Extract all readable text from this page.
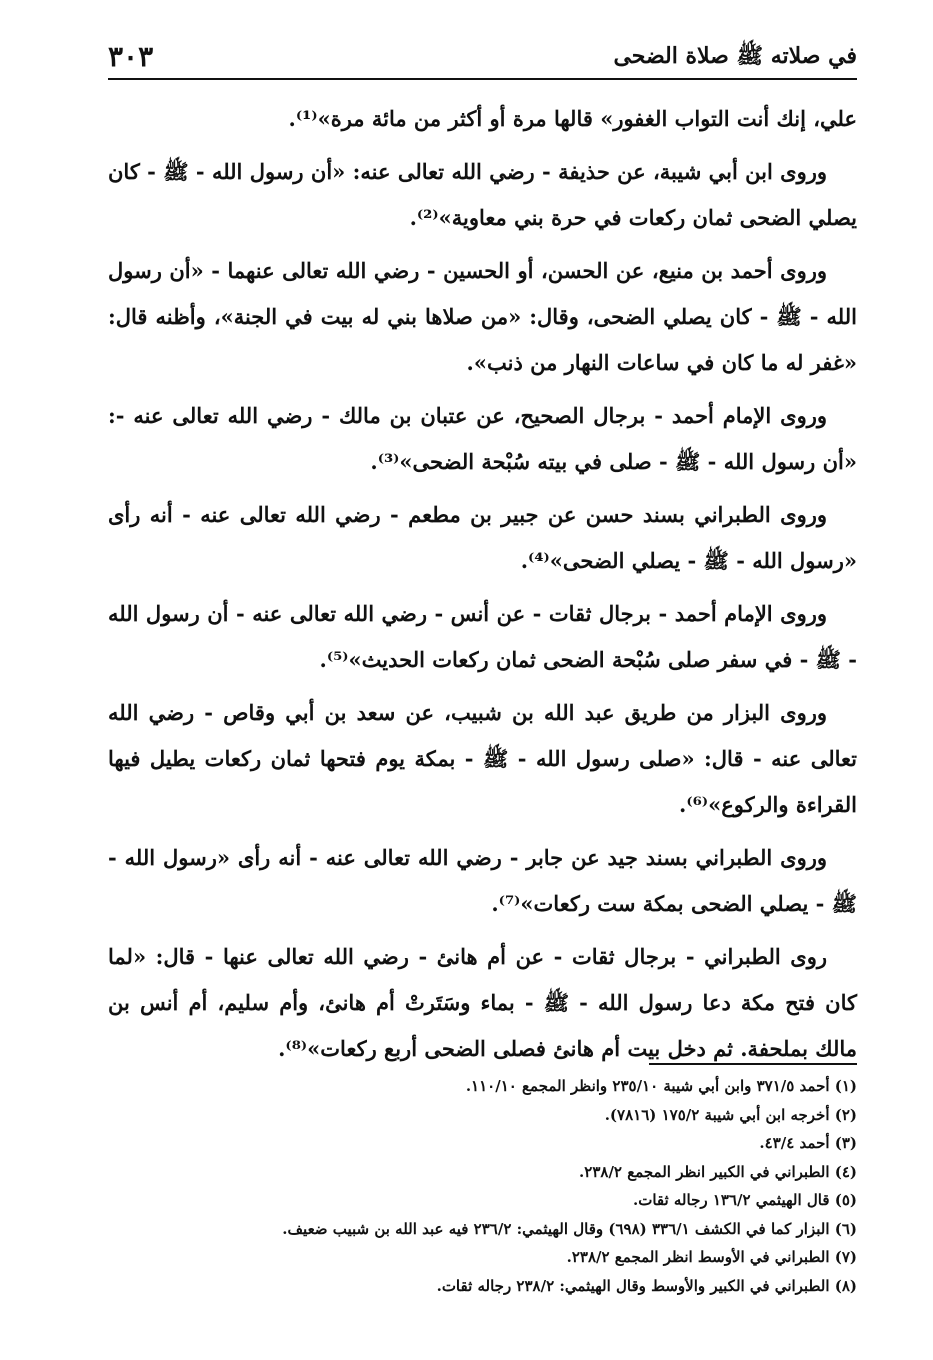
٣٠٣	في صلاته ﷺ صلاة الضحى

علي، إنك أنت التواب الغفور» قالها مرة أو أكثر من مائة مرة»⁽¹⁾.

وروى ابن أبي شيبة، عن حذيفة - رضي الله تعالى عنه: «أن رسول الله - ﷺ - كان يصلي الضحى ثمان ركعات في حرة بني معاوية»⁽²⁾.

وروى أحمد بن منيع، عن الحسن، أو الحسين - رضي الله تعالى عنهما - «أن رسول الله - ﷺ - كان يصلي الضحى، وقال: «من صلاها بني له بيت في الجنة»، وأظنه قال: «غفر له ما كان في ساعات النهار من ذنب».

وروى الإمام أحمد - برجال الصحيح، عن عتبان بن مالك - رضي الله تعالى عنه -: «أن رسول الله - ﷺ - صلى في بيته سُبْحة الضحى»⁽³⁾.

وروى الطبراني بسند حسن عن جبير بن مطعم - رضي الله تعالى عنه - أنه رأى «رسول الله - ﷺ - يصلي الضحى»⁽⁴⁾.

وروى الإمام أحمد - برجال ثقات - عن أنس - رضي الله تعالى عنه - أن رسول الله - ﷺ - في سفر صلى سُبْحة الضحى ثمان ركعات الحديث»⁽⁵⁾.

وروى البزار من طريق عبد الله بن شبيب، عن سعد بن أبي وقاص - رضي الله تعالى عنه - قال: «صلى رسول الله - ﷺ - بمكة يوم فتحها ثمان ركعات يطيل فيها القراءة والركوع»⁽⁶⁾.

وروى الطبراني بسند جيد عن جابر - رضي الله تعالى عنه - أنه رأى «رسول الله - ﷺ - يصلي الضحى بمكة ست ركعات»⁽⁷⁾.

روى الطبراني - برجال ثقات - عن أم هانئ - رضي الله تعالى عنها - قال: «لما كان فتح مكة دعا رسول الله - ﷺ - بماء وسَتَرتْ أم هانئ، وأم سليم، أم أنس بن مالك بملحفة. ثم دخل بيت أم هانئ فصلى الضحى أربع ركعات»⁽⁸⁾.

(١) أحمد ٣٧١/٥ وابن أبي شيبة ٢٣٥/١٠ وانظر المجمع ١١٠/١٠.
(٢) أخرجه ابن أبي شيبة ١٧٥/٢ (٧٨١٦).
(٣) أحمد ٤٣/٤.
(٤) الطبراني في الكبير انظر المجمع ٢٣٨/٢.
(٥) قال الهيثمي ١٣٦/٢ رجاله ثقات.
(٦) البزار كما في الكشف ٣٣٦/١ (٦٩٨) وقال الهيثمي: ٢٣٦/٢ فيه عبد الله بن شبيب ضعيف.
(٧) الطبراني في الأوسط انظر المجمع ٢٣٨/٢.
(٨) الطبراني في الكبير والأوسط وقال الهيثمي: ٢٣٨/٢ رجاله ثقات.
